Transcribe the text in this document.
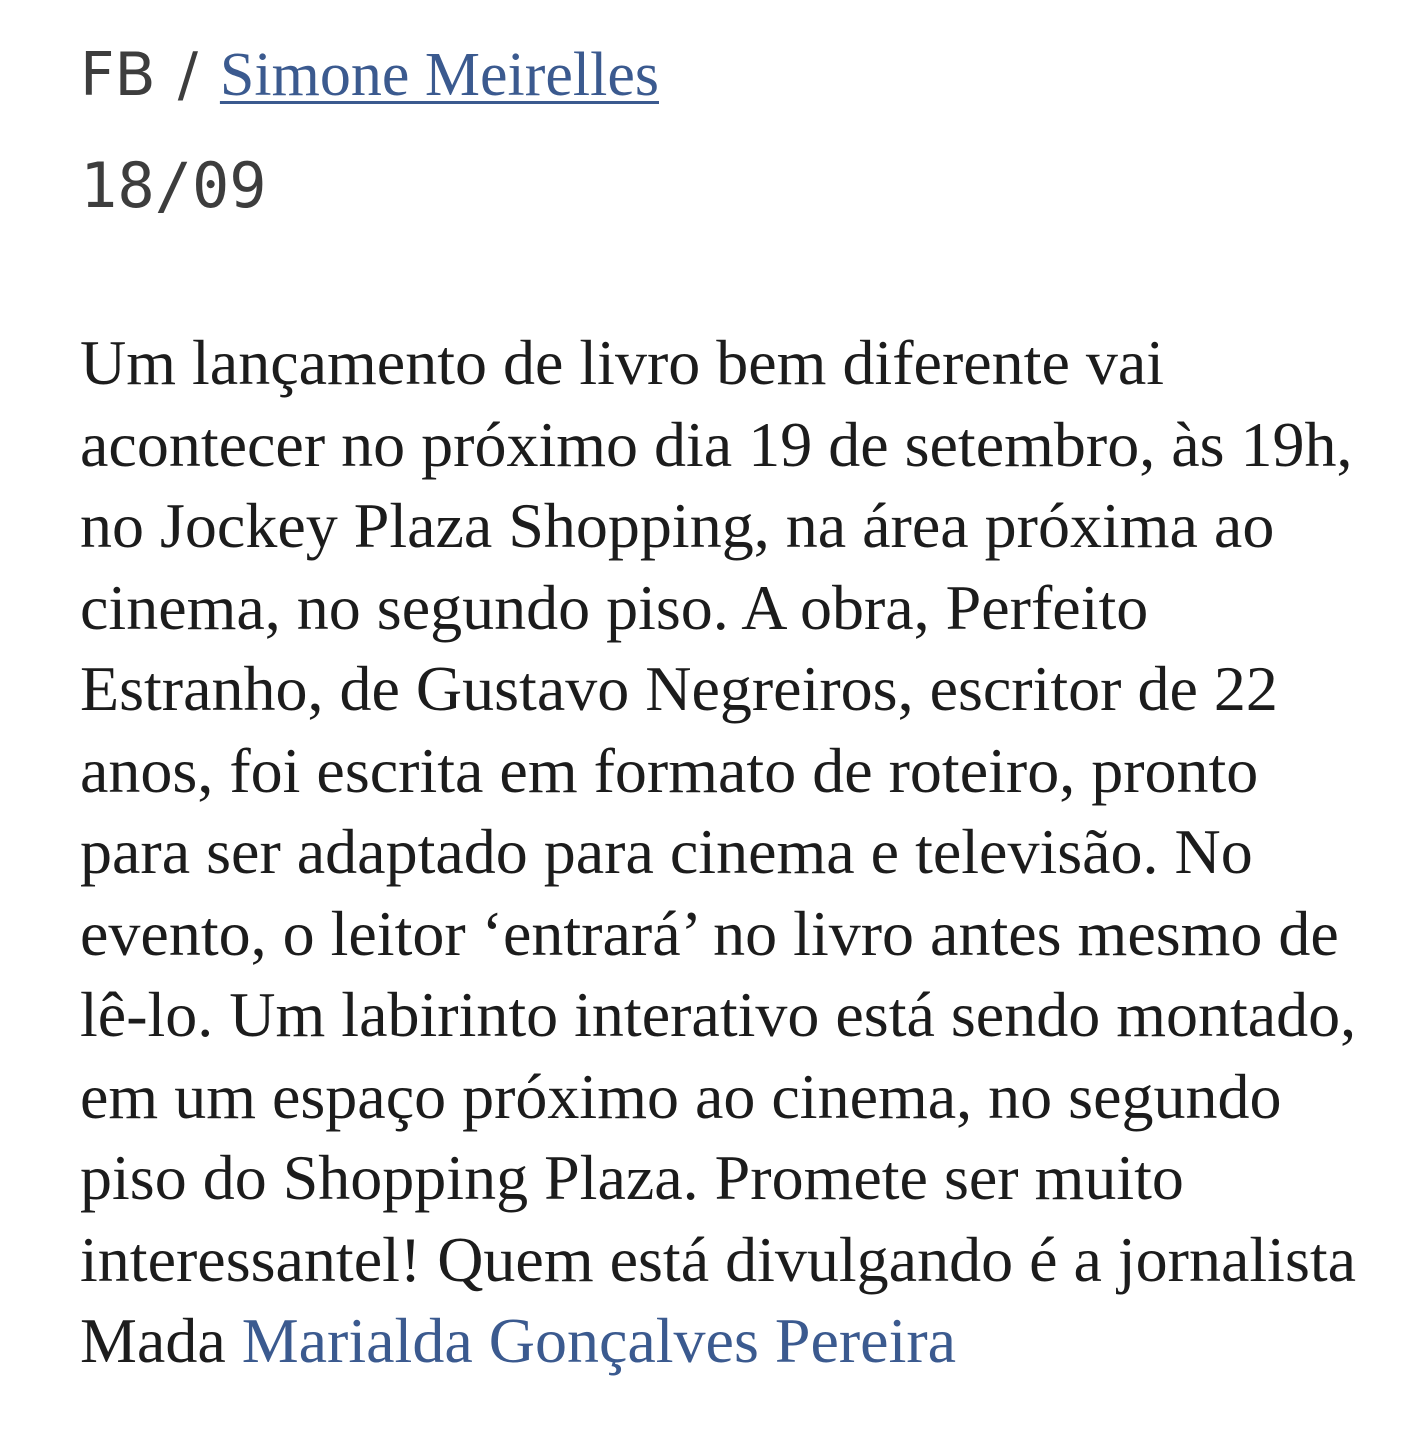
FB / Simone Meirelles
18/09

Um lançamento de livro bem diferente vai acontecer no próximo dia 19 de setembro, às 19h, no Jockey Plaza Shopping, na área próxima ao cinema, no segundo piso. A obra, Perfeito Estranho, de Gustavo Negreiros, escritor de 22 anos, foi escrita em formato de roteiro, pronto para ser adaptado para cinema e televisão. No evento, o leitor ‘entrará’ no livro antes mesmo de lê-lo. Um labirinto interativo está sendo montado, em um espaço próximo ao cinema, no segundo piso do Shopping Plaza. Promete ser muito interessantel! Quem está divulgando é a jornalista Mada Marialda Gonçalves Pereira
